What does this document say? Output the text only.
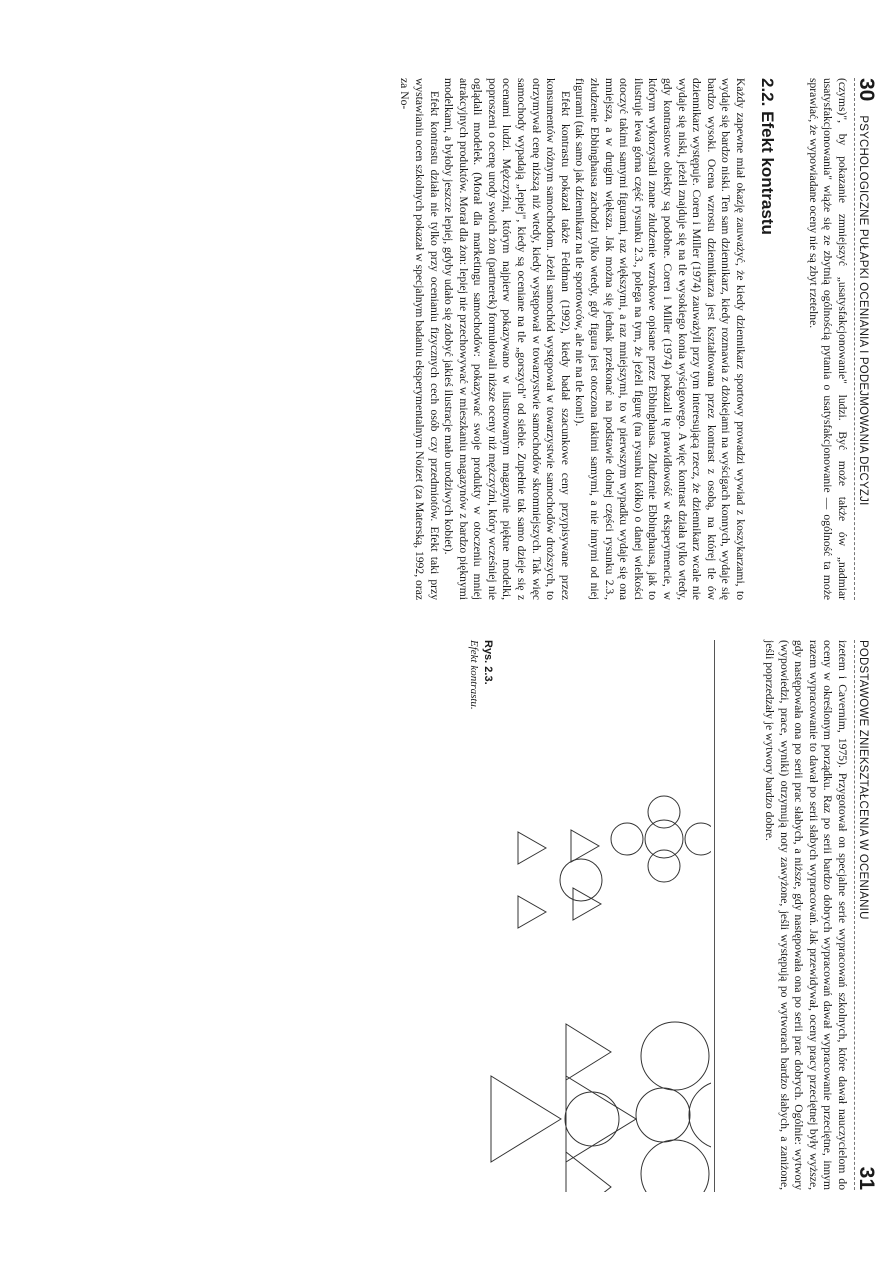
30
PSYCHOLOGICZNE PUŁAPKI OCENIANIA I PODEJMOWANIA DECYZJI

(czyms)", by pokazanie zmniejszyć „usatysfakcjonowanie" ludzi. Być może także ów „nadmiar usatysfakcjonowania" wiąże się ze zbytnią ogólnością pytania o usatysfakcjonowanie — ogólność ta może sprawiać, że wypowiadane oceny nie są zbyt rzetelne.

2.2. Efekt kontrastu

Każdy zapewne miał okazję zauważyć, że kiedy dziennikarz sportowy prowadzi wywiad z koszykarzami, to wydaje się bardzo niski. Ten sam dziennikarz, kiedy rozmawia z dżokejami na wyścigach konnych, wydaje się bardzo wysoki. Ocena wzrostu dziennikarza jest kształtowana przez kontrast z osobą, na której tle ów dziennikarz występuje. Coren i Miller (1974) zauważyli przy tym interesującą rzecz, że dziennikarz wcale nie wydaje się niski, jeżeli znajduje się na tle wysokiego konia wyścigowego. A więc kontrast działa tylko wtedy, gdy kontrastowe obiekty są podobne. Coren i Miller (1974) pokazali tę prawidłowość w eksperymencie, w którym wykorzystali znane złudzenie wzrokowe opisane przez Ebbinghausa. Złudzenie Ebbinghausa, jak to ilustruje lewa górna część rysunku 2.3., polega na tym, że jeżeli figurę (na rysunku kółko) o danej wielkości otoczyć takimi samymi figurami, raz większymi, a raz mniejszymi, to w pierwszym wypadku wydaje się ona mniejsza, a w drugim większa. Jak można się jednak przekonać na podstawie dolnej części rysunku 2.3., złudzenie Ebbinghausa zachodzi tylko wtedy, gdy figura jest otoczona takimi samymi, a nie innymi od niej figurami (tak samo jak dziennikarz na tle sportowców, ale nie na tle koni!).

Efekt kontrastu pokazał także Feldman (1992), kiedy badał szacunkowe ceny przypisywane przez konsumentów różnym samochodom. Jeżeli samochód występował w towarzystwie samochodów droższych, to otrzymywał cenę niższą niż wtedy, kiedy występował w towarzystwie samochodów skromniejszych. Tak więc samochody wypadają „lepiej", kiedy są oceniane na tle „gorszych" od siebie. Zupełnie tak samo dzieje się z ocenami ludzi. Mężczyźni, którym najpierw pokazywano w ilustrowanym magazynie piękne modelki, poproszeni o ocenę urody swoich żon (partnerek) formułowali niższe oceny niż mężczyźni, który wcześniej nie oglądali modelek. (Morał dla marketingu samochodów: pokazywać swoje produkty w otoczeniu mniej atrakcyjnych produktów. Morał dla żon: lepiej nie przechowywać w mieszkaniu magazynów z bardzo pięknymi modelkami, a byłoby jeszcze lepiej, gdyby udało się zdobyć jakieś ilustracje mało urodziwych kobiet).

Efekt kontrastu działa nie tylko przy ocenianiu fizycznych cech osób czy przedmiotów. Efekt taki przy wystawianiu ocen szkolnych pokazał w specjalnym badaniu eksperymentalnym Noizet (za Materską, 1992, oraz za No-

PODSTAWOWE ZNIEKSZTAŁCENIA W OCENIANIU
31

izetem i Cavernim, 1975). Przygotował on specjalne serie wypracowań szkolnych, które dawał nauczycielom do oceny w określonym porządku. Raz po serii bardzo dobrych wypracowań dawał wypracowanie przeciętne, innym razem wypracowanie to dawał po serii słabych wypracowań. Jak przewidywał, oceny pracy przeciętnej były wyższe, gdy następowała ona po serii prac słabych, a niższe, gdy następowała ona po serii prac dobrych. Ogólnie: wytwory (wypowiedzi, prace, wyniki) otrzymują noty zawyżone, jeśli występują po wytworach bardzo słabych, a zaniżone, jeśli poprzedzały je wytwory bardzo dobre.

Rys. 2.3.
Efekt kontrastu.
